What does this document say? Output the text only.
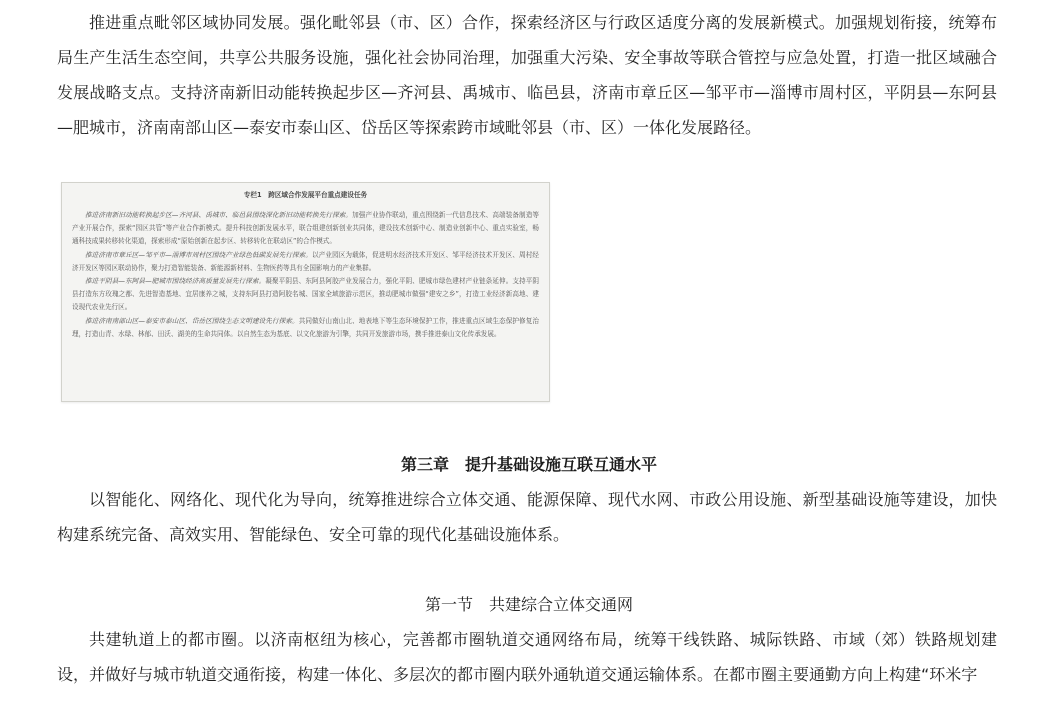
推进重点毗邻区域协同发展。强化毗邻县（市、区）合作，探索经济区与行政区适度分离的发展新模式。加强规划衔接，统筹布局生产生活生态空间，共享公共服务设施，强化社会协同治理，加强重大污染、安全事故等联合管控与应急处置，打造一批区域融合发展战略支点。支持济南新旧动能转换起步区—齐河县、禹城市、临邑县，济南市章丘区—邹平市—淄博市周村区，平阴县—东阿县—肥城市，济南南部山区—泰安市泰山区、岱岳区等探索跨市域毗邻县（市、区）一体化发展路径。

专栏1　跨区域合作发展平台重点建设任务

推进济南新旧动能转换起步区—齐河县、禹城市、临邑县围绕深化新旧动能转换先行探索。加强产业协作联动，重点围绕新一代信息技术、高端装备制造等产业开展合作，探索“园区共管”等产业合作新模式。提升科技创新发展水平，联合组建创新创业共同体，建设技术创新中心、制造业创新中心、重点实验室，畅通科技成果转移转化渠道，探索形成“原始创新在起步区、转移转化在联动区”的合作模式。

推进济南市章丘区—邹平市—淄博市周村区围绕产业绿色低碳发展先行探索。以产业园区为载体，促进明水经济技术开发区、邹平经济技术开发区、周村经济开发区等园区联动协作，聚力打造智能装备、新能源新材料、生物医药等具有全国影响力的产业集群。

推进平阴县—东阿县—肥城市围绕经济高质量发展先行探索。凝聚平阴县、东阿县阿胶产业发展合力，强化平阴、肥城市绿色建材产业链条延伸。支持平阴县打造东方玫瑰之都、先进智造基地、宜居康养之城，支持东阿县打造阿胶名城、国家全域旅游示范区，推动肥城市做强“建安之乡”，打造工业经济新高地、建设现代农业先行区。

推进济南南部山区—泰安市泰山区、岱岳区围绕生态文明建设先行探索。共同做好山南山北、地表地下等生态环境保护工作，推进重点区域生态保护修复治理，打造山青、水绿、林郁、田沃、湖美的生命共同体。以自然生态为基底、以文化旅游为引擎，共同开发旅游市场，携手推进泰山文化传承发展。

第三章　提升基础设施互联互通水平

以智能化、网络化、现代化为导向，统筹推进综合立体交通、能源保障、现代水网、市政公用设施、新型基础设施等建设，加快构建系统完备、高效实用、智能绿色、安全可靠的现代化基础设施体系。

第一节　共建综合立体交通网

共建轨道上的都市圈。以济南枢纽为核心，完善都市圈轨道交通网络布局，统筹干线铁路、城际铁路、市域（郊）铁路规划建设，并做好与城市轨道交通衔接，构建一体化、多层次的都市圈内联外通轨道交通运输体系。在都市圈主要通勤方向上构建“环米字
